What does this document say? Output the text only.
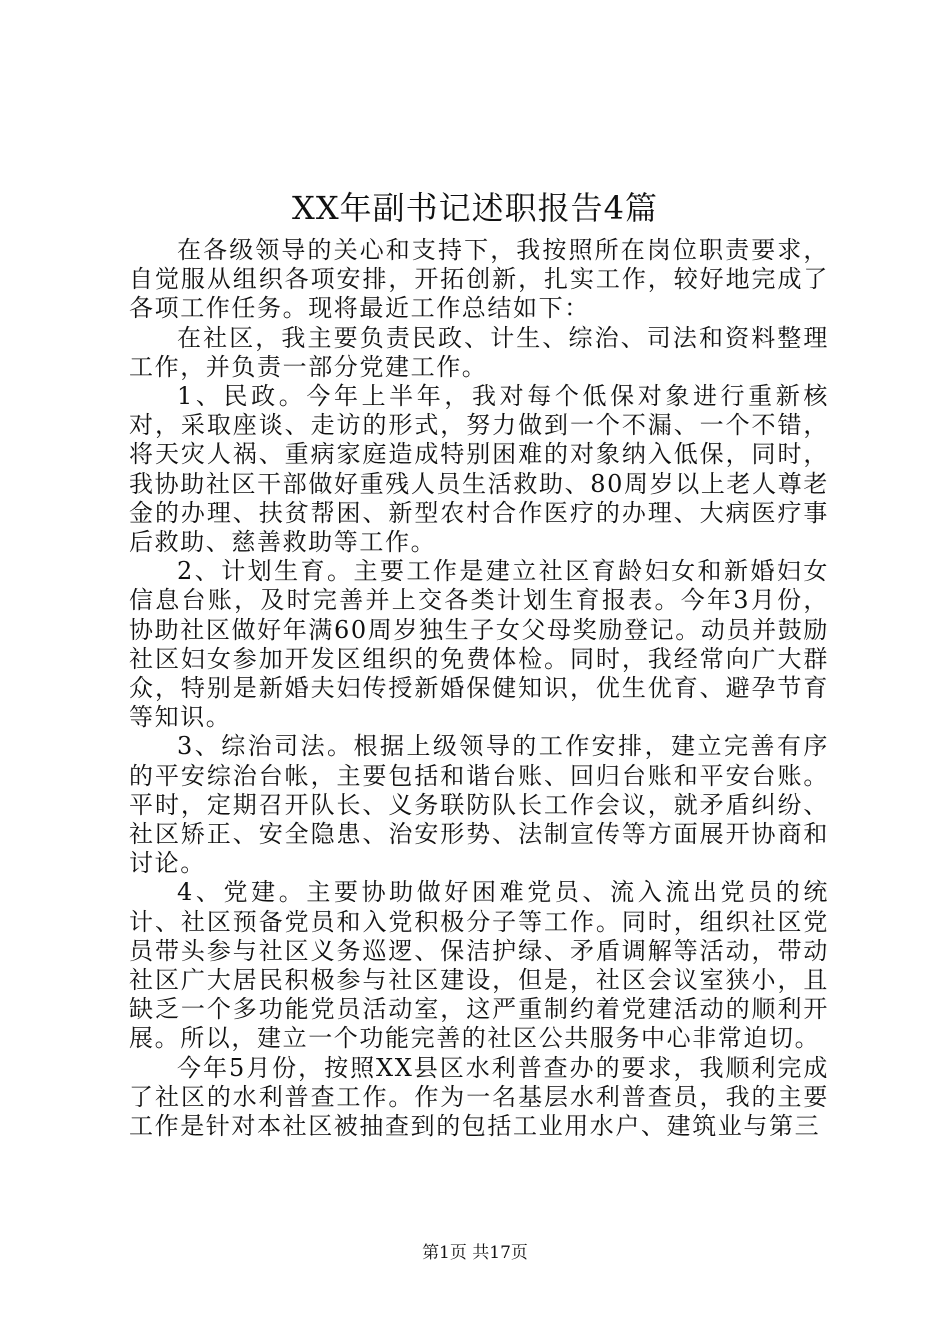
XX年副书记述职报告4篇

在各级领导的关心和支持下，我按照所在岗位职责要求，自觉服从组织各项安排，开拓创新，扎实工作，较好地完成了各项工作任务。现将最近工作总结如下：

在社区，我主要负责民政、计生、综治、司法和资料整理工作，并负责一部分党建工作。

1、民政。今年上半年，我对每个低保对象进行重新核对，采取座谈、走访的形式，努力做到一个不漏、一个不错，将天灾人祸、重病家庭造成特别困难的对象纳入低保，同时，我协助社区干部做好重残人员生活救助、80周岁以上老人尊老金的办理、扶贫帮困、新型农村合作医疗的办理、大病医疗事后救助、慈善救助等工作。

2、计划生育。主要工作是建立社区育龄妇女和新婚妇女信息台账，及时完善并上交各类计划生育报表。今年3月份，协助社区做好年满60周岁独生子女父母奖励登记。动员并鼓励社区妇女参加开发区组织的免费体检。同时，我经常向广大群众，特别是新婚夫妇传授新婚保健知识，优生优育、避孕节育等知识。

3、综治司法。根据上级领导的工作安排，建立完善有序的平安综治台帐，主要包括和谐台账、回归台账和平安台账。平时，定期召开队长、义务联防队长工作会议，就矛盾纠纷、社区矫正、安全隐患、治安形势、法制宣传等方面展开协商和讨论。

4、党建。主要协助做好困难党员、流入流出党员的统计、社区预备党员和入党积极分子等工作。同时，组织社区党员带头参与社区义务巡逻、保洁护绿、矛盾调解等活动，带动社区广大居民积极参与社区建设，但是，社区会议室狭小，且缺乏一个多功能党员活动室，这严重制约着党建活动的顺利开展。所以，建立一个功能完善的社区公共服务中心非常迫切。

今年5月份，按照XX县区水利普查办的要求，我顺利完成了社区的水利普查工作。作为一名基层水利普查员，我的主要工作是针对本社区被抽查到的包括工业用水户、建筑业与第三

第1页 共17页
